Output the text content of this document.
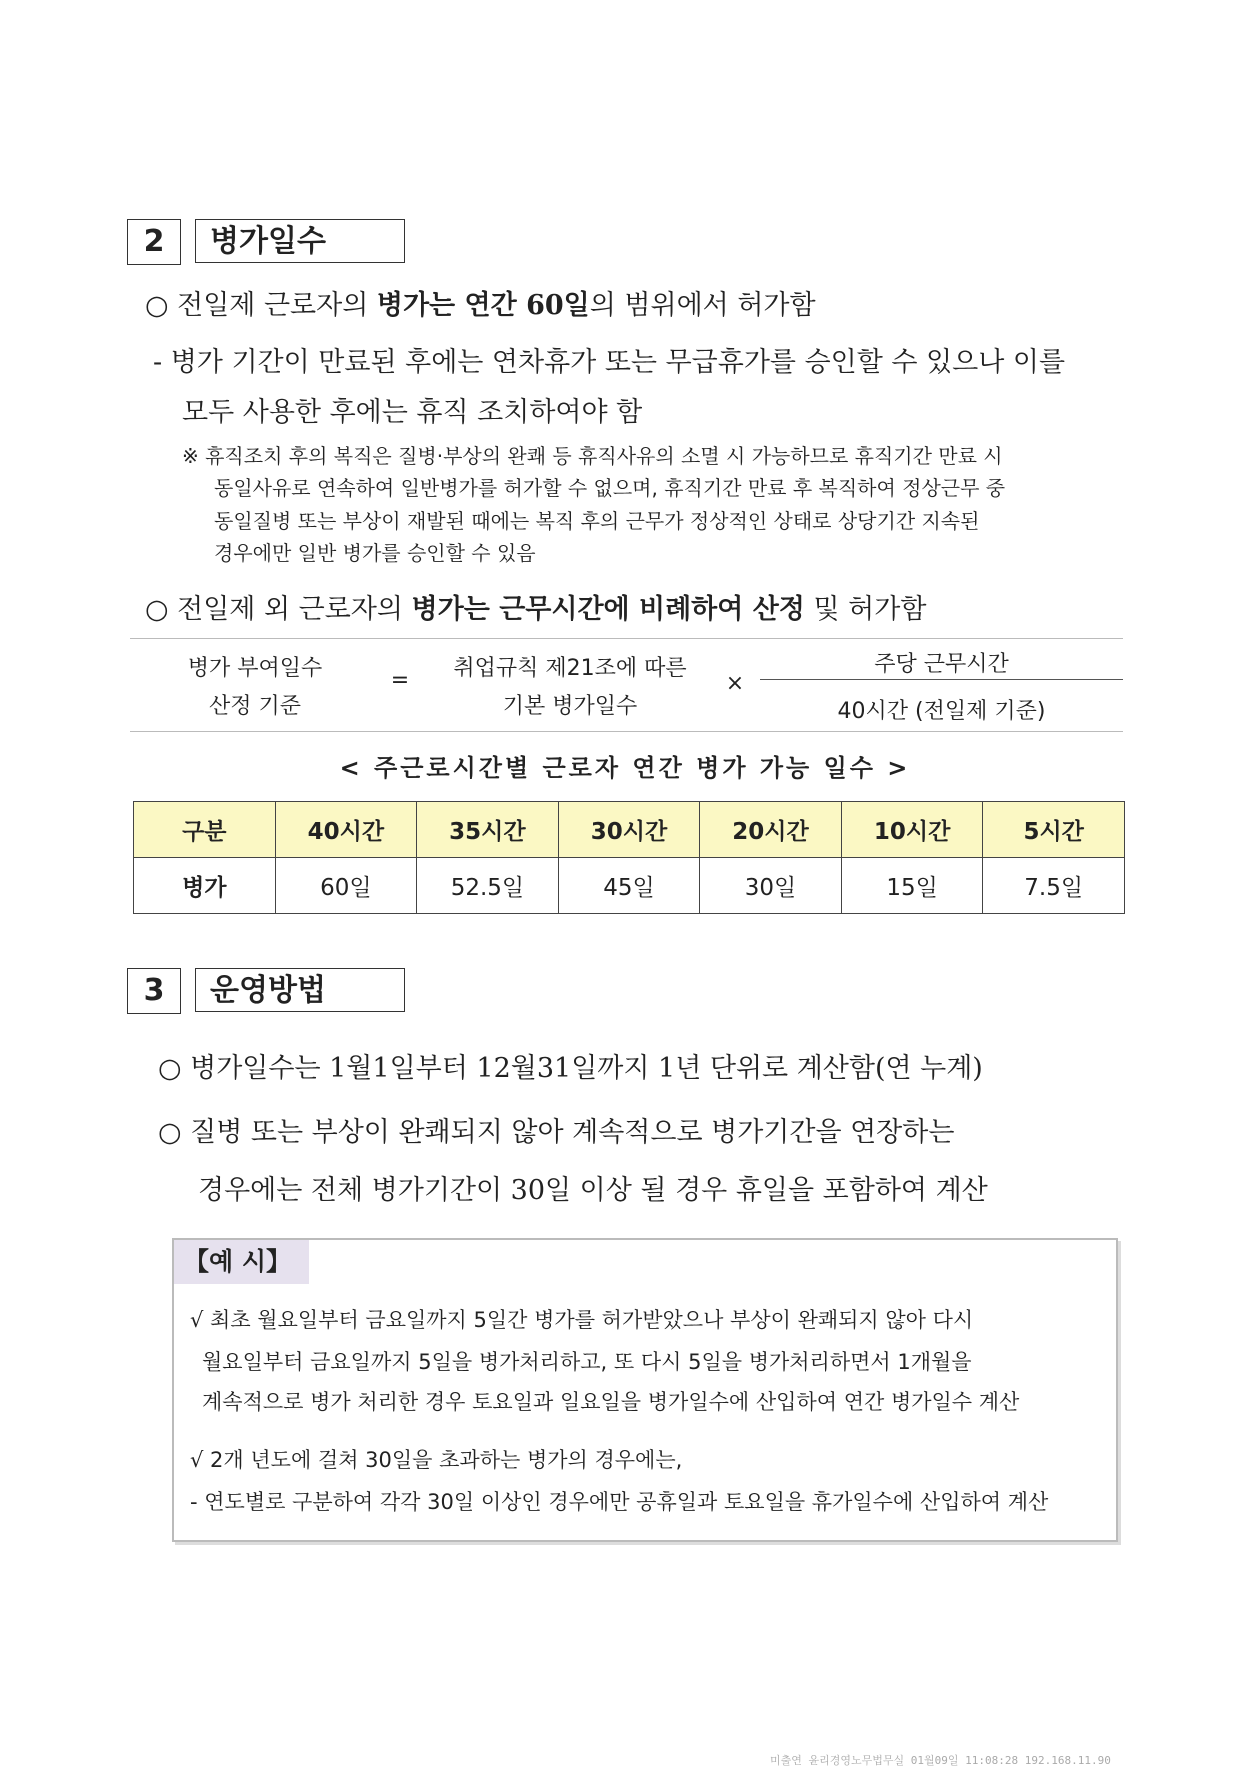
2	병가일수
○ 전일제 근로자의 병가는 연간 60일의 범위에서 허가함
- 병가 기간이 만료된 후에는 연차휴가 또는 무급휴가를 승인할 수 있으나 이를
모두 사용한 후에는 휴직 조치하여야 함
※ 휴직조치 후의 복직은 질병·부상의 완쾌 등 휴직사유의 소멸 시 가능하므로 휴직기간 만료 시
동일사유로 연속하여 일반병가를 허가할 수 없으며, 휴직기간 만료 후 복직하여 정상근무 중
동일질병 또는 부상이 재발된 때에는 복직 후의 근무가 정상적인 상태로 상당기간 지속된
경우에만 일반 병가를 승인할 수 있음
○ 전일제 외 근로자의 병가는 근무시간에 비례하여 산정 및 허가함
병가 부여일수
산정 기준
=	취업규칙 제21조에 따른
기본 병가일수
×
주당 근무시간
40시간 (전일제 기준)
< 주근로시간별 근로자 연간 병가 가능 일수 >
구분	40시간	35시간	30시간	20시간	10시간	5시간
병가	60일	52.5일	45일	30일	15일	7.5일
3	운영방법
○ 병가일수는 1월1일부터 12월31일까지 1년 단위로 계산함(연 누계)
○ 질병 또는 부상이 완쾌되지 않아 계속적으로 병가기간을 연장하는
경우에는 전체 병가기간이 30일 이상 될 경우 휴일을 포함하여 계산
【예 시】
√ 최초 월요일부터 금요일까지 5일간 병가를 허가받았으나 부상이 완쾌되지 않아 다시
월요일부터 금요일까지 5일을 병가처리하고, 또 다시 5일을 병가처리하면서 1개월을
계속적으로 병가 처리한 경우 토요일과 일요일을 병가일수에 산입하여 연간 병가일수 계산
√ 2개 년도에 걸쳐 30일을 초과하는 병가의 경우에는,
- 연도별로 구분하여 각각 30일 이상인 경우에만 공휴일과 토요일을 휴가일수에 산입하여 계산
미출연 윤리경영노무법무실 01월09일 11:08:28 192.168.11.90
